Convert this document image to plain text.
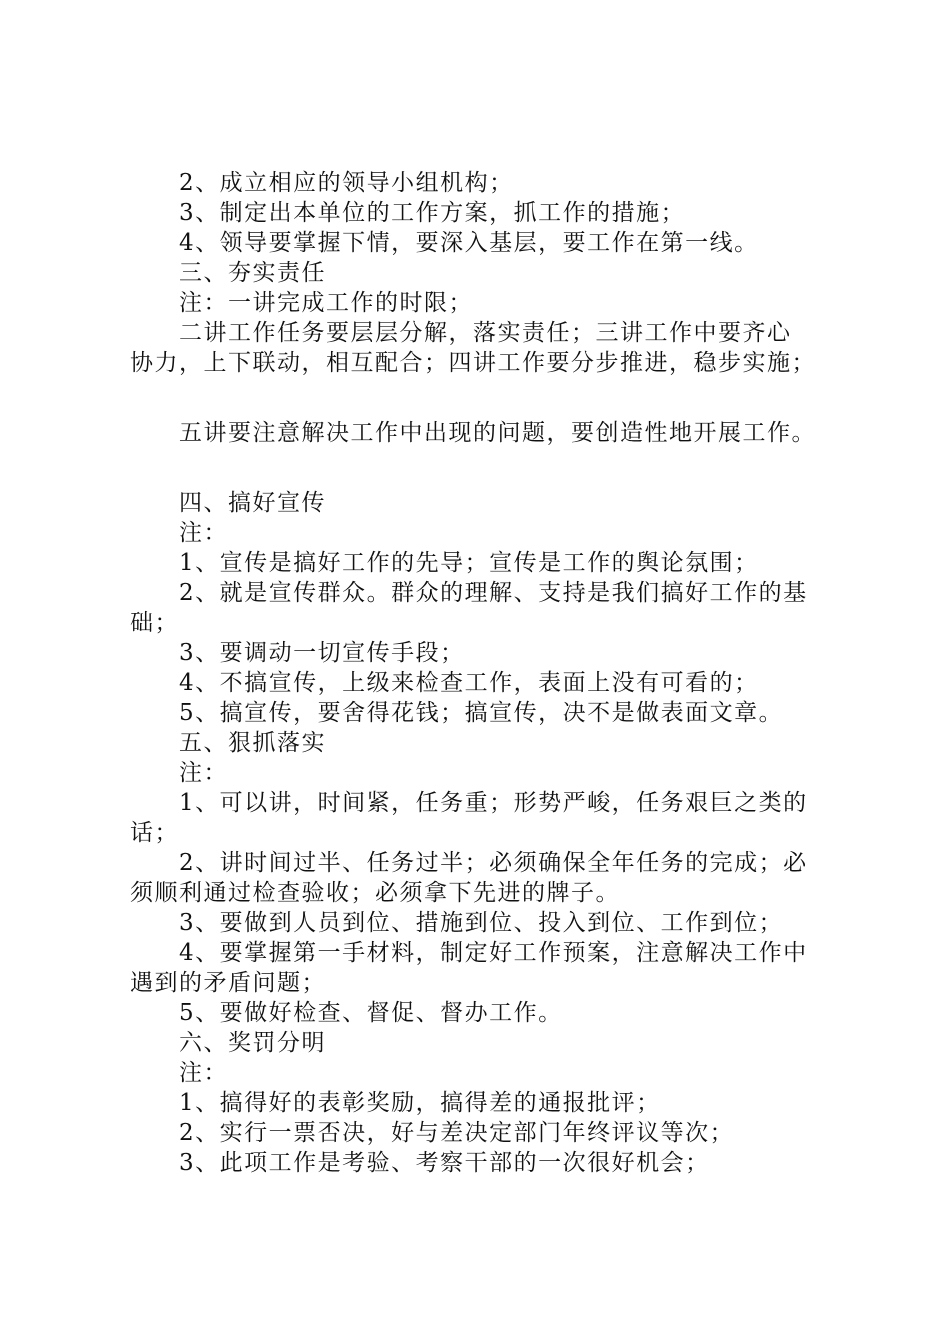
2、成立相应的领导小组机构；
3、制定出本单位的工作方案，抓工作的措施；
4、领导要掌握下情，要深入基层，要工作在第一线。
三、夯实责任
注：一讲完成工作的时限；
二讲工作任务要层层分解，落实责任；三讲工作中要齐心
协力，上下联动，相互配合；四讲工作要分步推进，稳步实施；
五讲要注意解决工作中出现的问题，要创造性地开展工作。
四、搞好宣传
注：
1、宣传是搞好工作的先导；宣传是工作的舆论氛围；
2、就是宣传群众。群众的理解、支持是我们搞好工作的基
础；
3、要调动一切宣传手段；
4、不搞宣传，上级来检查工作，表面上没有可看的；
5、搞宣传，要舍得花钱；搞宣传，决不是做表面文章。
五、狠抓落实
注：
1、可以讲，时间紧，任务重；形势严峻，任务艰巨之类的
话；
2、讲时间过半、任务过半；必须确保全年任务的完成；必
须顺利通过检查验收；必须拿下先进的牌子。
3、要做到人员到位、措施到位、投入到位、工作到位；
4、要掌握第一手材料，制定好工作预案，注意解决工作中
遇到的矛盾问题；
5、要做好检查、督促、督办工作。
六、奖罚分明
注：
1、搞得好的表彰奖励，搞得差的通报批评；
2、实行一票否决，好与差决定部门年终评议等次；
3、此项工作是考验、考察干部的一次很好机会；
